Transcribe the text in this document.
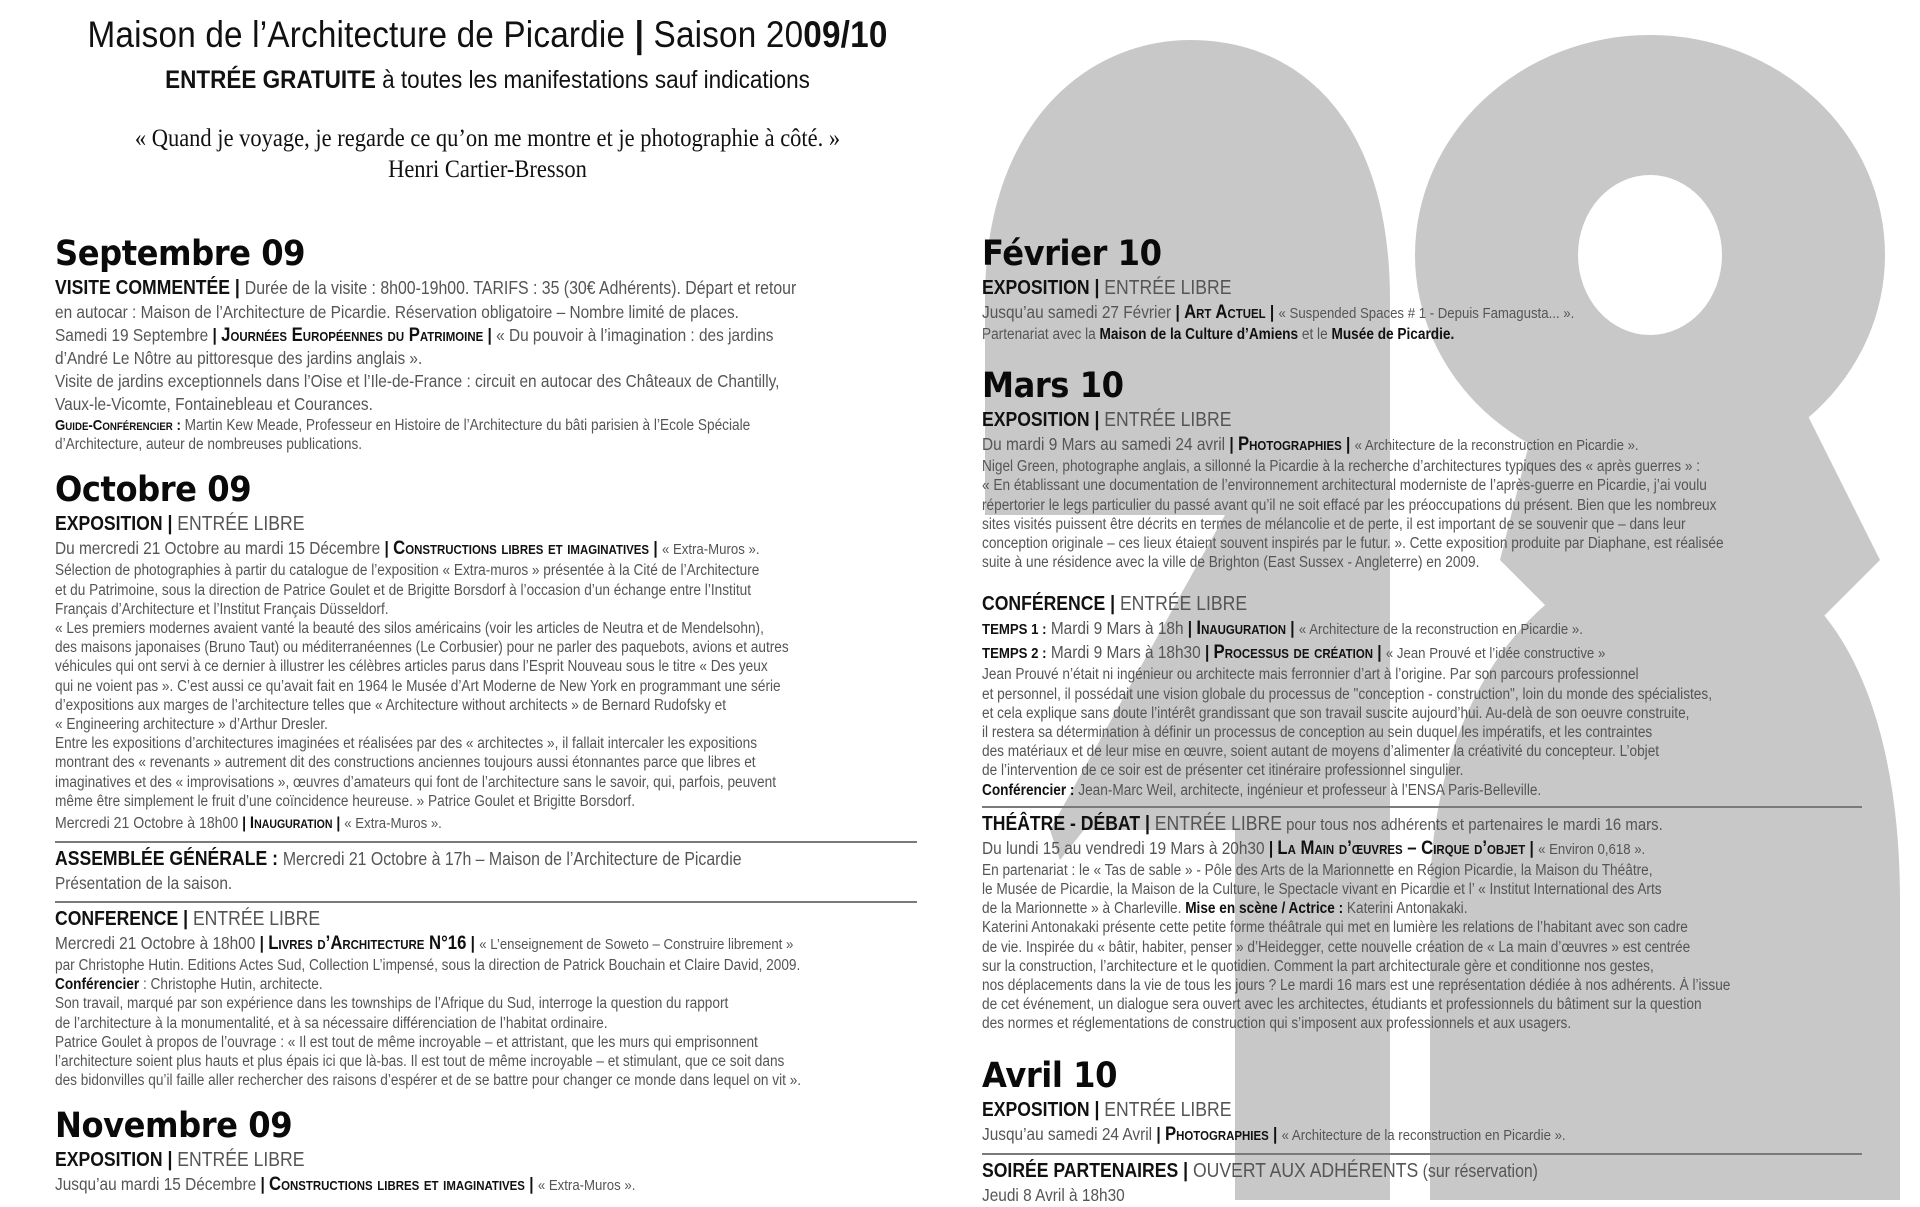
Maison de l’Architecture de Picardie | Saison 2009/10
ENTRÉE GRATUITE à toutes les manifestations sauf indications
« Quand je voyage, je regarde ce qu’on me montre et je photographie à côté. »
Henri Cartier-Bresson
Septembre 09
VISITE COMMENTÉE | Durée de la visite : 8h00-19h00. TARIFS : 35 (30€ Adhérents). Départ et retour
en autocar : Maison de l’Architecture de Picardie. Réservation obligatoire – Nombre limité de places.
Samedi 19 Septembre | Journées Européennes du Patrimoine | « Du pouvoir à l’imagination : des jardins
d’André Le Nôtre au pittoresque des jardins anglais ».
Visite de jardins exceptionnels dans l’Oise et l’Ile-de-France : circuit en autocar des Châteaux de Chantilly,
Vaux-le-Vicomte, Fontainebleau et Courances.
Guide-Conférencier : Martin Kew Meade, Professeur en Histoire de l’Architecture du bâti parisien à l’Ecole Spéciale
d’Architecture, auteur de nombreuses publications.
Octobre 09
EXPOSITION | ENTRÉE LIBRE
Du mercredi 21 Octobre au mardi 15 Décembre | Constructions libres et imaginatives | « Extra-Muros ».
Sélection de photographies à partir du catalogue de l’exposition « Extra-muros » présentée à la Cité de l’Architecture
et du Patrimoine, sous la direction de Patrice Goulet et de Brigitte Borsdorf à l’occasion d’un échange entre l’Institut
Français d’Architecture et l’Institut Français Düsseldorf.
« Les premiers modernes avaient vanté la beauté des silos américains (voir les articles de Neutra et de Mendelsohn),
des maisons japonaises (Bruno Taut) ou méditerranéennes (Le Corbusier) pour ne parler des paquebots, avions et autres
véhicules qui ont servi à ce dernier à illustrer les célèbres articles parus dans l’Esprit Nouveau sous le titre « Des yeux
qui ne voient pas ». C’est aussi ce qu’avait fait en 1964 le Musée d’Art Moderne de New York en programmant une série
d’expositions aux marges de l’architecture telles que « Architecture without architects » de Bernard Rudofsky et
« Engineering architecture » d’Arthur Dresler.
Entre les expositions d’architectures imaginées et réalisées par des « architectes », il fallait intercaler les expositions
montrant des « revenants » autrement dit des constructions anciennes toujours aussi étonnantes parce que libres et
imaginatives et des « improvisations », œuvres d’amateurs qui font de l’architecture sans le savoir, qui, parfois, peuvent
même être simplement le fruit d’une coïncidence heureuse. » Patrice Goulet et Brigitte Borsdorf.
Mercredi 21 Octobre à 18h00 | Inauguration | « Extra-Muros ».
ASSEMBLÉE GÉNÉRALE : Mercredi 21 Octobre à 17h – Maison de l’Architecture de Picardie
Présentation de la saison.
CONFERENCE | ENTRÉE LIBRE
Mercredi 21 Octobre à 18h00 | Livres d’Architecture N°16 | « L’enseignement de Soweto – Construire librement »
par Christophe Hutin. Editions Actes Sud, Collection L’impensé, sous la direction de Patrick Bouchain et Claire David, 2009.
Conférencier : Christophe Hutin, architecte.
Son travail, marqué par son expérience dans les townships de l’Afrique du Sud, interroge la question du rapport
de l’architecture à la monumentalité, et à sa nécessaire différenciation de l’habitat ordinaire.
Patrice Goulet à propos de l’ouvrage : « Il est tout de même incroyable – et attristant, que les murs qui emprisonnent
l’architecture soient plus hauts et plus épais ici que là-bas. Il est tout de même incroyable – et stimulant, que ce soit dans
des bidonvilles qu’il faille aller rechercher des raisons d’espérer et de se battre pour changer ce monde dans lequel on vit ».
Novembre 09
EXPOSITION | ENTRÉE LIBRE
Jusqu’au mardi 15 Décembre | Constructions libres et imaginatives | « Extra-Muros ».
Février 10
EXPOSITION | ENTRÉE LIBRE
Jusqu’au samedi 27 Février | Art Actuel | « Suspended Spaces # 1 - Depuis Famagusta... ».
Partenariat avec la Maison de la Culture d’Amiens et le Musée de Picardie.
Mars 10
EXPOSITION | ENTRÉE LIBRE
Du mardi 9 Mars au samedi 24 avril | Photographies | « Architecture de la reconstruction en Picardie ».
Nigel Green, photographe anglais, a sillonné la Picardie à la recherche d’architectures typiques des « après guerres » :
« En établissant une documentation de l’environnement architectural moderniste de l’après-guerre en Picardie, j’ai voulu
répertorier le legs particulier du passé avant qu’il ne soit effacé par les préoccupations du présent. Bien que les nombreux
sites visités puissent être décrits en termes de mélancolie et de perte, il est important de se souvenir que – dans leur
conception originale – ces lieux étaient souvent inspirés par le futur. ». Cette exposition produite par Diaphane, est réalisée
suite à une résidence avec la ville de Brighton (East Sussex - Angleterre) en 2009.
CONFÉRENCE | ENTRÉE LIBRE
TEMPS 1 : Mardi 9 Mars à 18h | Inauguration | « Architecture de la reconstruction en Picardie ».
TEMPS 2 : Mardi 9 Mars à 18h30 | Processus de création | « Jean Prouvé et l’idée constructive »
Jean Prouvé n’était ni ingénieur ou architecte mais ferronnier d’art à l’origine. Par son parcours professionnel
et personnel, il possédait une vision globale du processus de "conception - construction", loin du monde des spécialistes,
et cela explique sans doute l’intérêt grandissant que son travail suscite aujourd’hui. Au-delà de son oeuvre construite,
il restera sa détermination à définir un processus de conception au sein duquel les impératifs, et les contraintes
des matériaux et de leur mise en œuvre, soient autant de moyens d’alimenter la créativité du concepteur. L’objet
de l’intervention de ce soir est de présenter cet itinéraire professionnel singulier.
Conférencier : Jean-Marc Weil, architecte, ingénieur et professeur à l’ENSA Paris-Belleville.
THÉÂTRE - DÉBAT | ENTRÉE LIBRE pour tous nos adhérents et partenaires le mardi 16 mars.
Du lundi 15 au vendredi 19 Mars à 20h30 | La Main d’œuvres – Cirque d’objet | « Environ 0,618 ».
En partenariat : le « Tas de sable » - Pôle des Arts de la Marionnette en Région Picardie, la Maison du Théâtre,
le Musée de Picardie, la Maison de la Culture, le Spectacle vivant en Picardie et l’ « Institut International des Arts
de la Marionnette » à Charleville. Mise en scène / Actrice : Katerini Antonakaki.
Katerini Antonakaki présente cette petite forme théâtrale qui met en lumière les relations de l’habitant avec son cadre
de vie. Inspirée du « bâtir, habiter, penser » d’Heidegger, cette nouvelle création de « La main d’œuvres » est centrée
sur la construction, l’architecture et le quotidien. Comment la part architecturale gère et conditionne nos gestes,
nos déplacements dans la vie de tous les jours ? Le mardi 16 mars est une représentation dédiée à nos adhérents. À l’issue
de cet événement, un dialogue sera ouvert avec les architectes, étudiants et professionnels du bâtiment sur la question
des normes et réglementations de construction qui s’imposent aux professionnels et aux usagers.
Avril 10
EXPOSITION | ENTRÉE LIBRE
Jusqu’au samedi 24 Avril | Photographies | « Architecture de la reconstruction en Picardie ».
SOIRÉE PARTENAIRES | OUVERT AUX ADHÉRENTS (sur réservation)
Jeudi 8 Avril à 18h30
